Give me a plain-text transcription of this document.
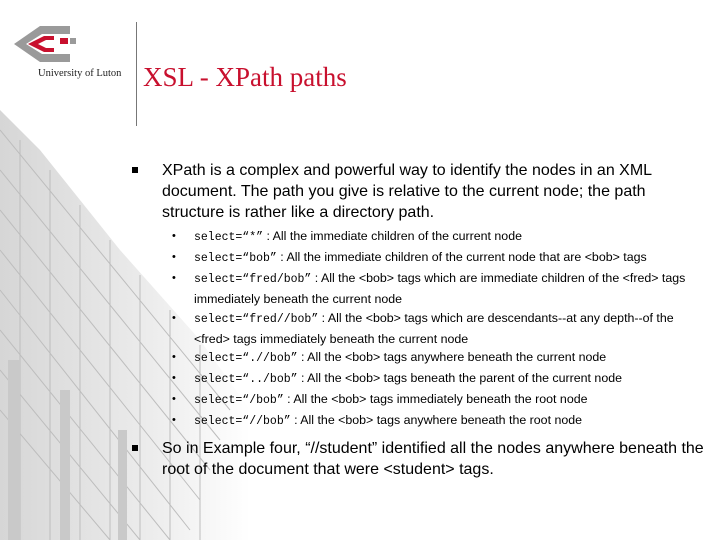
University of Luton XSL - XPath paths
XPath is a complex and powerful way to identify the nodes in an XML document. The path you give is relative to the current node; the path structure is rather like a directory path.
• select=“*” : All the immediate children of the current node
• select=“bob” : All the immediate children of the current node that are <bob> tags
• select=“fred/bob” : All the <bob> tags which are immediate children of the <fred> tags immediately beneath the current node
• select=“fred//bob” : All the <bob> tags which are descendants--at any depth--of the <fred> tags immediately beneath the current node
• select=“.//bob” : All the <bob> tags anywhere beneath the current node
• select=“../bob” : All the <bob> tags beneath the parent of the current node
• select=“/bob” : All the <bob> tags immediately beneath the root node
• select=“//bob” : All the <bob> tags anywhere beneath the root node
So in Example four, “//student” identified all the nodes anywhere beneath the root of the document that were <student> tags.
